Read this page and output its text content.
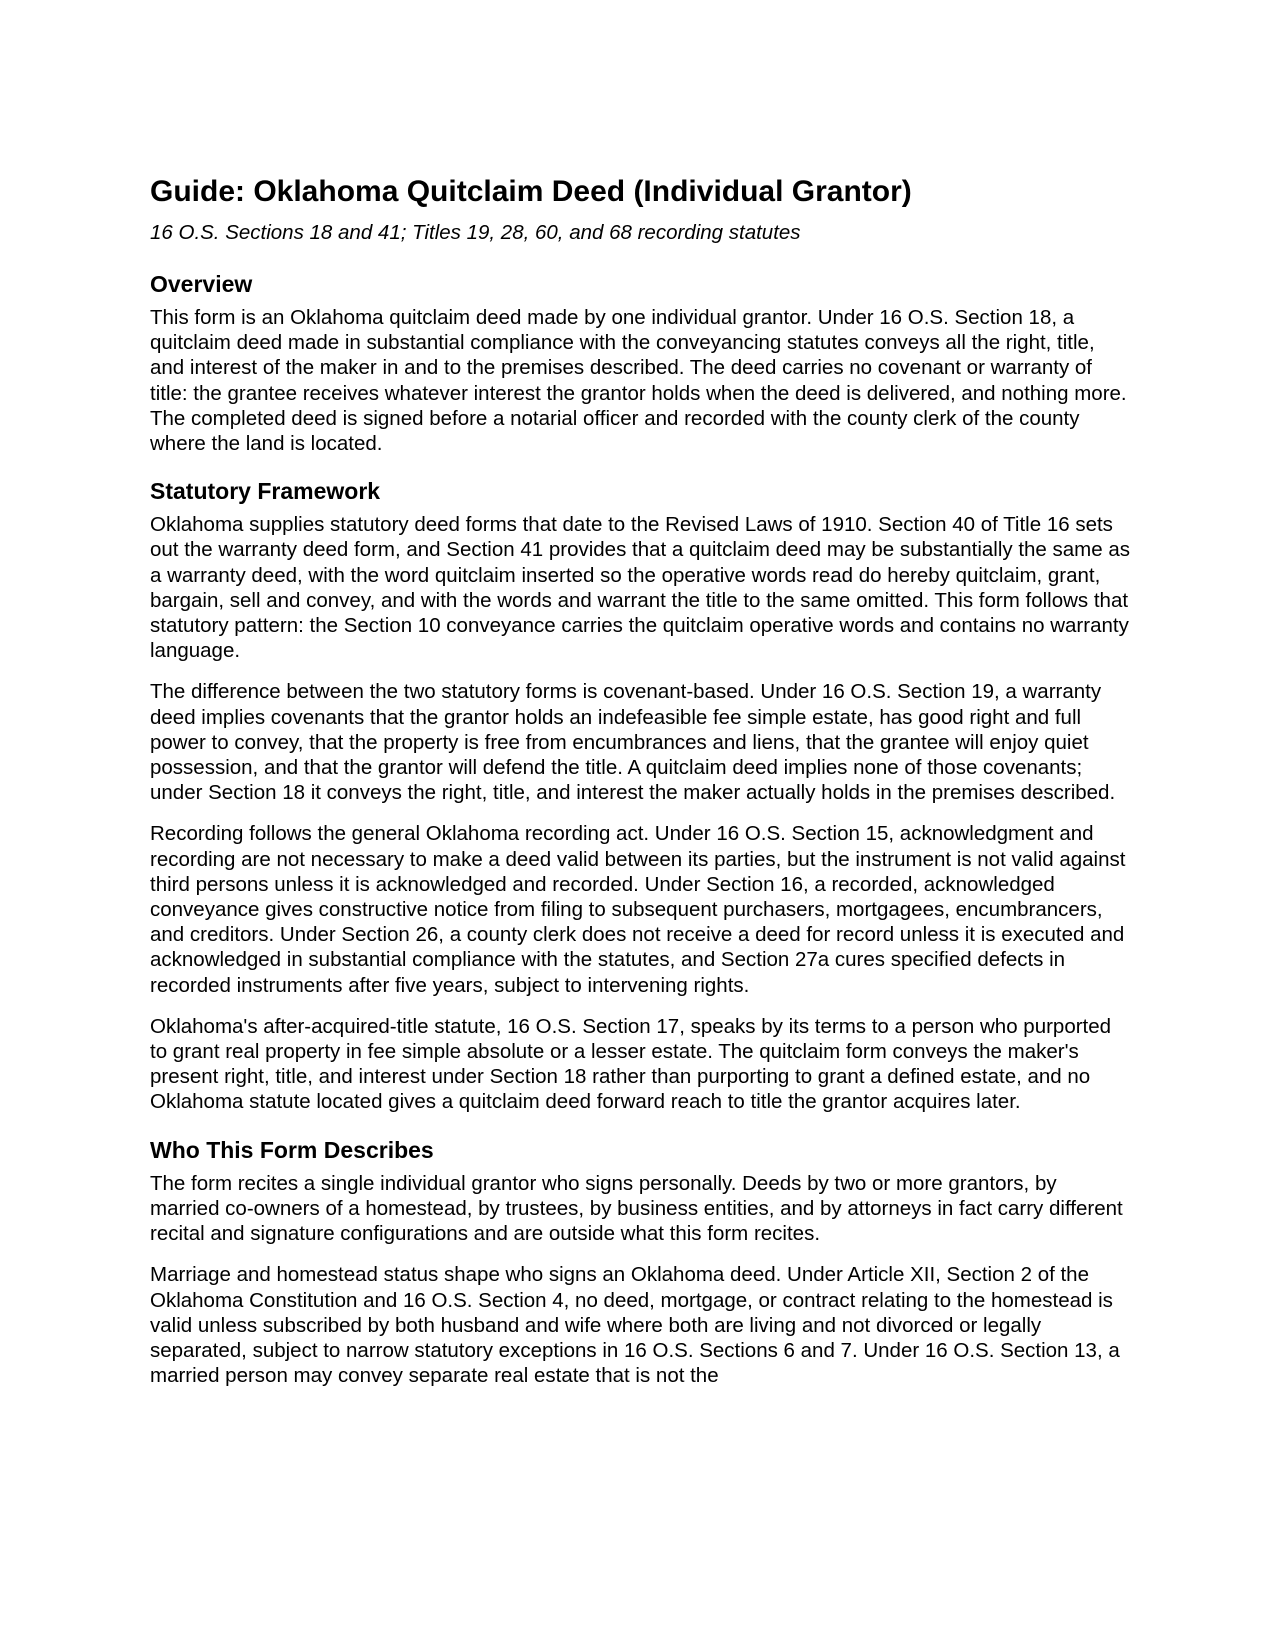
Guide: Oklahoma Quitclaim Deed (Individual Grantor)
16 O.S. Sections 18 and 41; Titles 19, 28, 60, and 68 recording statutes
Overview

This form is an Oklahoma quitclaim deed made by one individual grantor. Under 16 O.S. Section 18, a quitclaim deed made in substantial compliance with the conveyancing statutes conveys all the right, title, and interest of the maker in and to the premises described. The deed carries no covenant or warranty of title: the grantee receives whatever interest the grantor holds when the deed is delivered, and nothing more. The completed deed is signed before a notarial officer and recorded with the county clerk of the county where the land is located.

Statutory Framework

Oklahoma supplies statutory deed forms that date to the Revised Laws of 1910. Section 40 of Title 16 sets out the warranty deed form, and Section 41 provides that a quitclaim deed may be substantially the same as a warranty deed, with the word quitclaim inserted so the operative words read do hereby quitclaim, grant, bargain, sell and convey, and with the words and warrant the title to the same omitted. This form follows that statutory pattern: the Section 10 conveyance carries the quitclaim operative words and contains no warranty language.

The difference between the two statutory forms is covenant-based. Under 16 O.S. Section 19, a warranty deed implies covenants that the grantor holds an indefeasible fee simple estate, has good right and full power to convey, that the property is free from encumbrances and liens, that the grantee will enjoy quiet possession, and that the grantor will defend the title. A quitclaim deed implies none of those covenants; under Section 18 it conveys the right, title, and interest the maker actually holds in the premises described.

Recording follows the general Oklahoma recording act. Under 16 O.S. Section 15, acknowledgment and recording are not necessary to make a deed valid between its parties, but the instrument is not valid against third persons unless it is acknowledged and recorded. Under Section 16, a recorded, acknowledged conveyance gives constructive notice from filing to subsequent purchasers, mortgagees, encumbrancers, and creditors. Under Section 26, a county clerk does not receive a deed for record unless it is executed and acknowledged in substantial compliance with the statutes, and Section 27a cures specified defects in recorded instruments after five years, subject to intervening rights.

Oklahoma's after-acquired-title statute, 16 O.S. Section 17, speaks by its terms to a person who purported to grant real property in fee simple absolute or a lesser estate. The quitclaim form conveys the maker's present right, title, and interest under Section 18 rather than purporting to grant a defined estate, and no Oklahoma statute located gives a quitclaim deed forward reach to title the grantor acquires later.

Who This Form Describes

The form recites a single individual grantor who signs personally. Deeds by two or more grantors, by married co-owners of a homestead, by trustees, by business entities, and by attorneys in fact carry different recital and signature configurations and are outside what this form recites.

Marriage and homestead status shape who signs an Oklahoma deed. Under Article XII, Section 2 of the Oklahoma Constitution and 16 O.S. Section 4, no deed, mortgage, or contract relating to the homestead is valid unless subscribed by both husband and wife where both are living and not divorced or legally separated, subject to narrow statutory exceptions in 16 O.S. Sections 6 and 7. Under 16 O.S. Section 13, a married person may convey separate real estate that is not the
